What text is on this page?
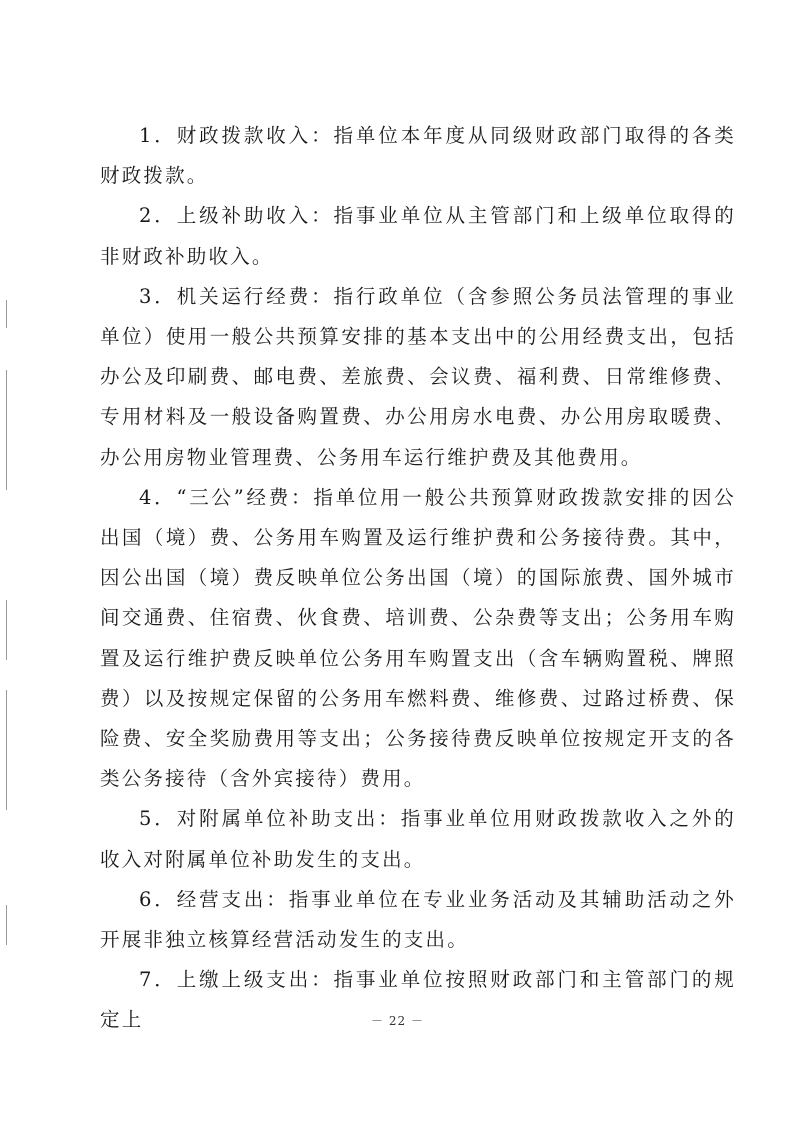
1．财政拨款收入：指单位本年度从同级财政部门取得的各类财政拨款。

2．上级补助收入：指事业单位从主管部门和上级单位取得的非财政补助收入。

3．机关运行经费：指行政单位（含参照公务员法管理的事业单位）使用一般公共预算安排的基本支出中的公用经费支出，包括办公及印刷费、邮电费、差旅费、会议费、福利费、日常维修费、专用材料及一般设备购置费、办公用房水电费、办公用房取暖费、办公用房物业管理费、公务用车运行维护费及其他费用。

4．“三公”经费：指单位用一般公共预算财政拨款安排的因公出国（境）费、公务用车购置及运行维护费和公务接待费。其中，因公出国（境）费反映单位公务出国（境）的国际旅费、国外城市间交通费、住宿费、伙食费、培训费、公杂费等支出；公务用车购置及运行维护费反映单位公务用车购置支出（含车辆购置税、牌照费）以及按规定保留的公务用车燃料费、维修费、过路过桥费、保险费、安全奖励费用等支出；公务接待费反映单位按规定开支的各类公务接待（含外宾接待）费用。

5．对附属单位补助支出：指事业单位用财政拨款收入之外的收入对附属单位补助发生的支出。

6．经营支出：指事业单位在专业业务活动及其辅助活动之外开展非独立核算经营活动发生的支出。

7．上缴上级支出：指事业单位按照财政部门和主管部门的规定上	－ 22 －
